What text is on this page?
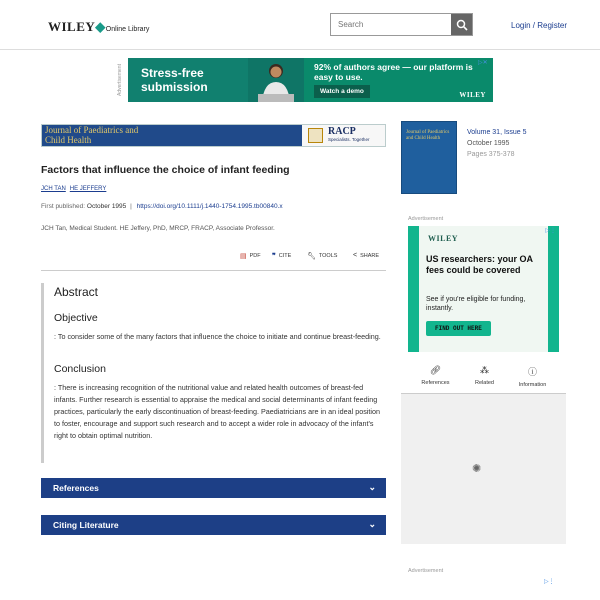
WILEY◆Online Library
Search	Login / Register
Advertisement	Stress-free submission
92% of authors agree — our platform is easy to use.
Watch a demo	WILEY
▷✕
Journal of Paediatrics and Child Health
RACP
Specialists. Together
Factors that influence the choice of infant feeding
JCH TAN HE JEFFERY
First published: October 1995 | https://doi.org/10.1111/j.1440-1754.1995.tb00840.x
JCH Tan, Medical Student. HE Jeffery, PhD, MRCP, FRACP, Associate Professor.
▤ PDF ❞ CITE 🔧︎ TOOLS < SHARE
Abstract
Objective

: To consider some of the many factors that influence the choice to initiate and continue breast-feeding.

Conclusion

: There is increasing recognition of the nutritional value and related health outcomes of breast-fed infants. Further research is essential to appraise the medical and social determinants of infant feeding practices, particularly the early discontinuation of breast-feeding. Paediatricians are in an ideal position to foster, encourage and support such research and to accept a wider role in advocacy of the infant's right to obtain optimal nutrition.

References	⌄
Citing Literature	⌄
Journal of Paediatrics and Child Health
Volume 31, Issue 5
October 1995
Pages 375-378
Advertisement
WILEY
US researchers: your OA fees could be covered
See if you're eligible for funding, instantly.
FIND OUT HERE
▷⋮
🔗︎
References
⁂
Related
ⓘ
Information
✺
Advertisement
▷⋮
